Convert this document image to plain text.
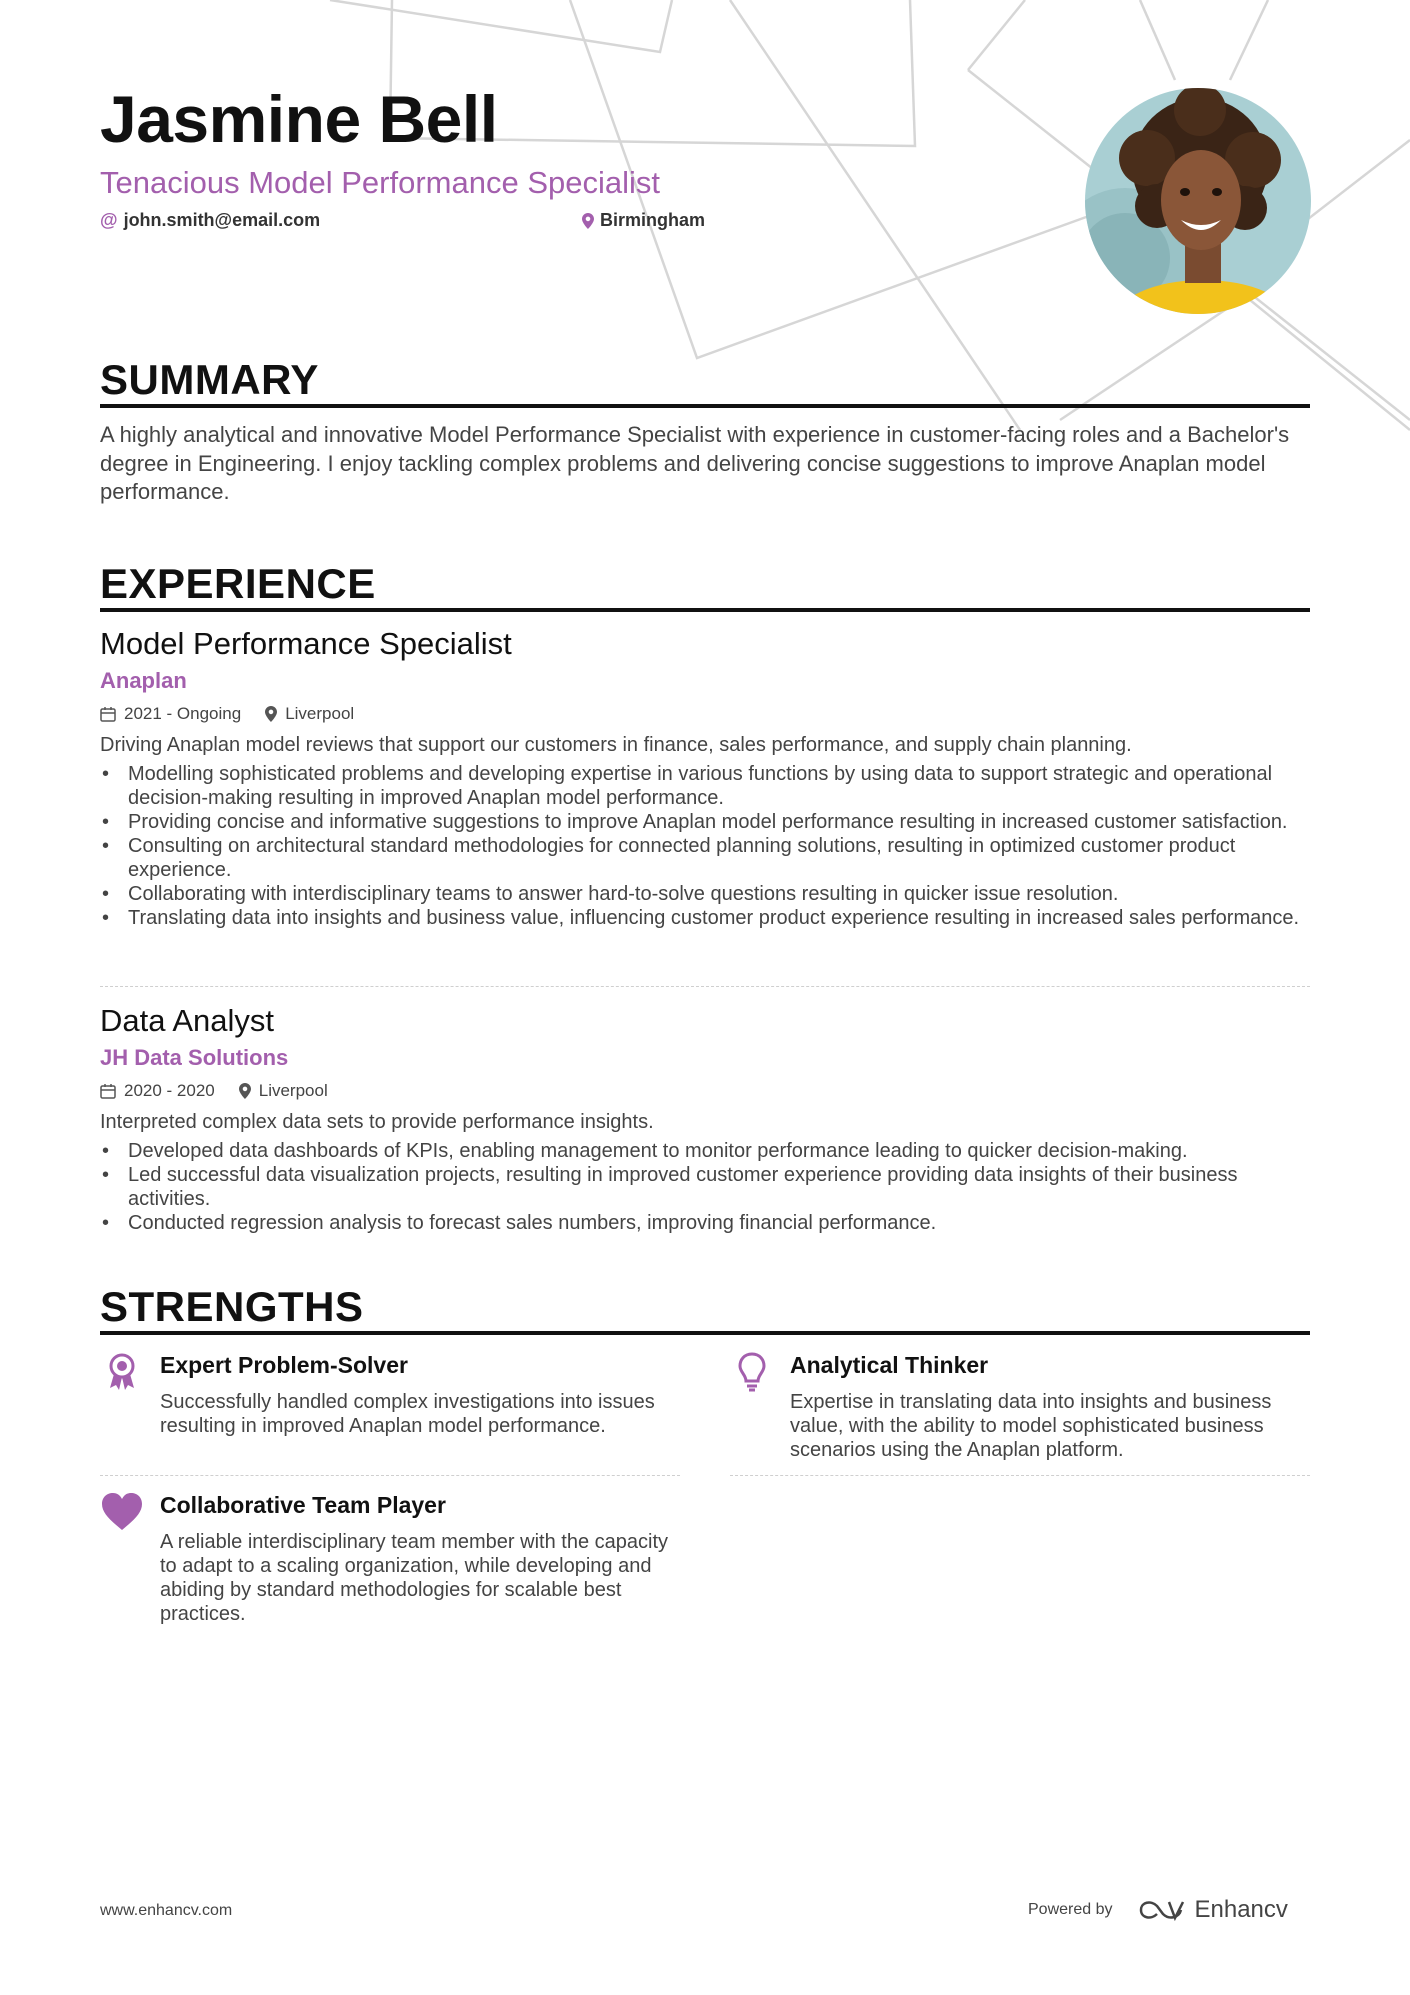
Jasmine Bell
Tenacious Model Performance Specialist
@ john.smith@email.com	Birmingham
SUMMARY
A highly analytical and innovative Model Performance Specialist with experience in customer-facing roles and a Bachelor's degree in Engineering. I enjoy tackling complex problems and delivering concise suggestions to improve Anaplan model performance.
EXPERIENCE
Model Performance Specialist
Anaplan
2021 - Ongoing	Liverpool
Driving Anaplan model reviews that support our customers in finance, sales performance, and supply chain planning.
• Modelling sophisticated problems and developing expertise in various functions by using data to support strategic and operational decision-making resulting in improved Anaplan model performance.
• Providing concise and informative suggestions to improve Anaplan model performance resulting in increased customer satisfaction.
• Consulting on architectural standard methodologies for connected planning solutions, resulting in optimized customer product experience.
• Collaborating with interdisciplinary teams to answer hard-to-solve questions resulting in quicker issue resolution.
• Translating data into insights and business value, influencing customer product experience resulting in increased sales performance.
Data Analyst
JH Data Solutions
2020 - 2020	Liverpool
Interpreted complex data sets to provide performance insights.
• Developed data dashboards of KPIs, enabling management to monitor performance leading to quicker decision-making.
• Led successful data visualization projects, resulting in improved customer experience providing data insights of their business activities.
• Conducted regression analysis to forecast sales numbers, improving financial performance.
STRENGTHS
Expert Problem-Solver
Successfully handled complex investigations into issues resulting in improved Anaplan model performance.
Analytical Thinker
Expertise in translating data into insights and business value, with the ability to model sophisticated business scenarios using the Anaplan platform.
Collaborative Team Player
A reliable interdisciplinary team member with the capacity to adapt to a scaling organization, while developing and abiding by standard methodologies for scalable best practices.
www.enhancv.com	Powered by	Enhancv
